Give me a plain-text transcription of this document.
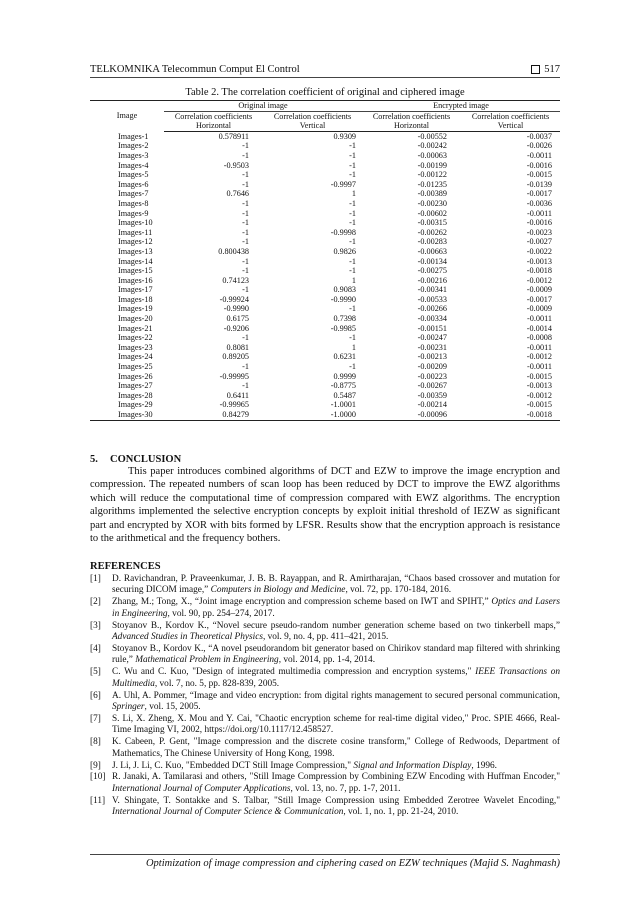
TELKOMNIKA Telecommun Comput El Control	517
Table 2. The correlation coefficient of original and ciphered image
Image	Original image		Encrypted image	
	Correlation coefficients	Correlation coefficients	Correlation coefficients	Correlation coefficients
	Horizontal	Vertical	Horizontal	Vertical
Images-1	0.578911	0.9309	-0.00552	-0.0037
Images-2	-1	-1	-0.00242	-0.0026
Images-3	-1	-1	-0.00063	-0.0011
Images-4	-0.9503	-1	-0.00199	-0.0016
Images-5	-1	-1	-0.00122	-0.0015
Images-6	-1	-0.9997	-0.01235	-0.0139
Images-7	0.7646	1	-0.00389	-0.0017
Images-8	-1	-1	-0.00230	-0.0036
Images-9	-1	-1	-0.00602	-0.0011
Images-10	-1	-1	-0.00315	-0.0016
Images-11	-1	-0.9998	-0.00262	-0.0023
Images-12	-1	-1	-0.00283	-0.0027
Images-13	0.800438	0.9826	-0.00663	-0.0022
Images-14	-1	-1	-0.00134	-0.0013
Images-15	-1	-1	-0.00275	-0.0018
Images-16	0.74123	1	-0.00216	-0.0012
Images-17	-1	0.9083	-0.00341	-0.0009
Images-18	-0.99924	-0.9990	-0.00533	-0.0017
Images-19	-0.9990	-1	-0.00266	-0.0009
Images-20	0.6175	0.7398	-0.00334	-0.0011
Images-21	-0.9206	-0.9985	-0.00151	-0.0014
Images-22	-1	-1	-0.00247	-0.0008
Images-23	0.8081	1	-0.00231	-0.0011
Images-24	0.89205	0.6231	-0.00213	-0.0012
Images-25	-1	-1	-0.00209	-0.0011
Images-26	-0.99995	0.9999	-0.00223	-0.0015
Images-27	-1	-0.8775	-0.00267	-0.0013
Images-28	0.6411	0.5487	-0.00359	-0.0012
Images-29	-0.99965	-1.0001	-0.00214	-0.0015
Images-30	0.84279	-1.0000	-0.00096	-0.0018
5. CONCLUSION
This paper introduces combined algorithms of DCT and EZW to improve the image encryption and compression. The repeated numbers of scan loop has been reduced by DCT to improve the EWZ algorithms which will reduce the computational time of compression compared with EWZ algorithms. The encryption algorithms implemented the selective encryption concepts by exploit initial threshold of IEZW as significant part and encrypted by XOR with bits formed by LFSR. Results show that the encryption approach is resistance to the arithmetical and the frequency bothers.
REFERENCES
[1]	D. Ravichandran, P. Praveenkumar, J. B. B. Rayappan, and R. Amirtharajan, “Chaos based crossover and mutation for securing DICOM image,” Computers in Biology and Medicine, vol. 72, pp. 170-184, 2016.
[2]	Zhang, M.; Tong, X., “Joint image encryption and compression scheme based on IWT and SPIHT,” Optics and Lasers in Engineering, vol. 90, pp. 254–274, 2017.
[3]	Stoyanov B., Kordov K., “Novel secure pseudo-random number generation scheme based on two tinkerbell maps,” Advanced Studies in Theoretical Physics, vol. 9, no. 4, pp. 411–421, 2015.
[4]	Stoyanov B., Kordov K., “A novel pseudorandom bit generator based on Chirikov standard map filtered with shrinking rule,” Mathematical Problem in Engineering, vol. 2014, pp. 1-4, 2014.
[5]	C. Wu and C. Kuo, "Design of integrated multimedia compression and encryption systems," IEEE Transactions on Multimedia, vol. 7, no. 5, pp. 828-839, 2005.
[6]	A. Uhl, A. Pommer, “Image and video encryption: from digital rights management to secured personal communication, Springer, vol. 15, 2005.
[7]	S. Li, X. Zheng, X. Mou and Y. Cai, "Chaotic encryption scheme for real-time digital video," Proc. SPIE 4666, Real-Time Imaging VI, 2002, https://doi.org/10.1117/12.458527.
[8]	K. Cabeen, P. Gent, "Image compression and the discrete cosine transform," College of Redwoods, Department of Mathematics, The Chinese University of Hong Kong, 1998.
[9]	J. Li, J. Li, C. Kuo, "Embedded DCT Still Image Compression," Signal and Information Display, 1996.
[10] R. Janaki, A. Tamilarasi and others, "Still Image Compression by Combining EZW Encoding with Huffman Encoder," International Journal of Computer Applications, vol. 13, no. 7, pp. 1-7, 2011.
[11] V. Shingate, T. Sontakke and S. Talbar, "Still Image Compression using Embedded Zerotree Wavelet Encoding," International Journal of Computer Science & Communication, vol. 1, no. 1, pp. 21-24, 2010.
Optimization of image compression and ciphering cased on EZW techniques (Majid S. Naghmash)
